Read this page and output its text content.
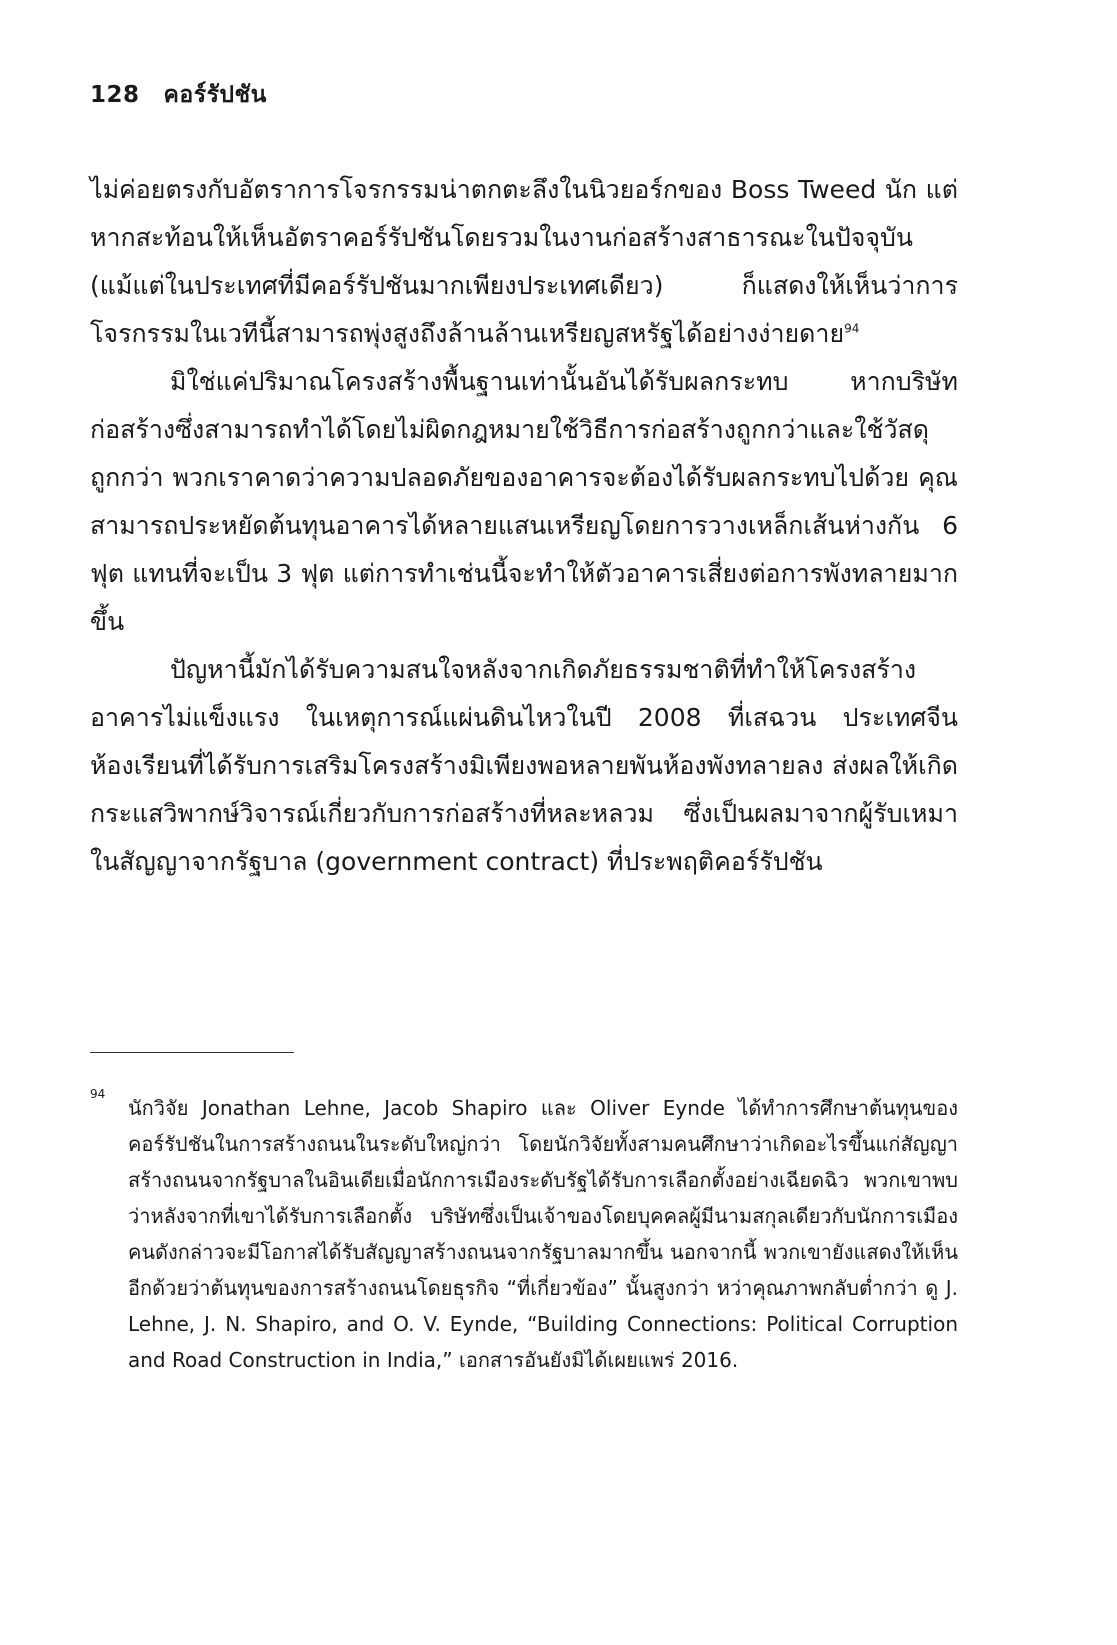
128 คอร์รัปชัน

ไม่ค่อยตรงกับอัตราการโจรกรรมน่าตกตะลึงในนิวยอร์กของ Boss Tweed นัก แต่หากสะท้อนให้เห็นอัตราคอร์รัปชันโดยรวมในงานก่อสร้างสาธารณะในปัจจุบัน (แม้แต่ในประเทศที่มีคอร์รัปชันมากเพียงประเทศเดียว) ก็แสดงให้เห็นว่าการโจรกรรมในเวทีนี้สามารถพุ่งสูงถึงล้านล้านเหรียญสหรัฐได้อย่างง่ายดาย$^{94}$

มิใช่แค่ปริมาณโครงสร้างพื้นฐานเท่านั้นอันได้รับผลกระทบ หากบริษัทก่อสร้างซึ่งสามารถทำได้โดยไม่ผิดกฎหมายใช้วิธีการก่อสร้างถูกกว่าและใช้วัสดุถูกกว่า พวกเราคาดว่าความปลอดภัยของอาคารจะต้องได้รับผลกระทบไปด้วย คุณสามารถประหยัดต้นทุนอาคารได้หลายแสนเหรียญโดยการวางเหล็กเส้นห่างกัน 6 ฟุต แทนที่จะเป็น 3 ฟุต แต่การทำเช่นนี้จะทำให้ตัวอาคารเสี่ยงต่อการพังทลายมากขึ้น

ปัญหานี้มักได้รับความสนใจหลังจากเกิดภัยธรรมชาติที่ทำให้โครงสร้างอาคารไม่แข็งแรง ในเหตุการณ์แผ่นดินไหวในปี 2008 ที่เสฉวน ประเทศจีน ห้องเรียนที่ได้รับการเสริมโครงสร้างมิเพียงพอหลายพันห้องพังทลายลง ส่งผลให้เกิดกระแสวิพากษ์วิจารณ์เกี่ยวกับการก่อสร้างที่หละหลวม ซึ่งเป็นผลมาจากผู้รับเหมาในสัญญาจากรัฐบาล (government contract) ที่ประพฤติคอร์รัปชัน

94
นักวิจัย Jonathan Lehne, Jacob Shapiro และ Oliver Eynde ได้ทำการศึกษาต้นทุนของคอร์รัปชันในการสร้างถนนในระดับใหญ่กว่า โดยนักวิจัยทั้งสามคนศึกษาว่าเกิดอะไรขึ้นแก่สัญญาสร้างถนนจากรัฐบาลในอินเดียเมื่อนักการเมืองระดับรัฐได้รับการเลือกตั้งอย่างเฉียดฉิว พวกเขาพบว่าหลังจากที่เขาได้รับการเลือกตั้ง บริษัทซึ่งเป็นเจ้าของโดยบุคคลผู้มีนามสกุลเดียวกับนักการเมืองคนดังกล่าวจะมีโอกาสได้รับสัญญาสร้างถนนจากรัฐบาลมากขึ้น นอกจากนี้ พวกเขายังแสดงให้เห็นอีกด้วยว่าต้นทุนของการสร้างถนนโดยธุรกิจ “ที่เกี่ยวข้อง” นั้นสูงกว่า หว่าคุณภาพกลับต่ำกว่า ดู J. Lehne, J. N. Shapiro, and O. V. Eynde, “Building Connections: Political Corruption and Road Construction in India,” เอกสารอันยังมิได้เผยแพร่ 2016.
